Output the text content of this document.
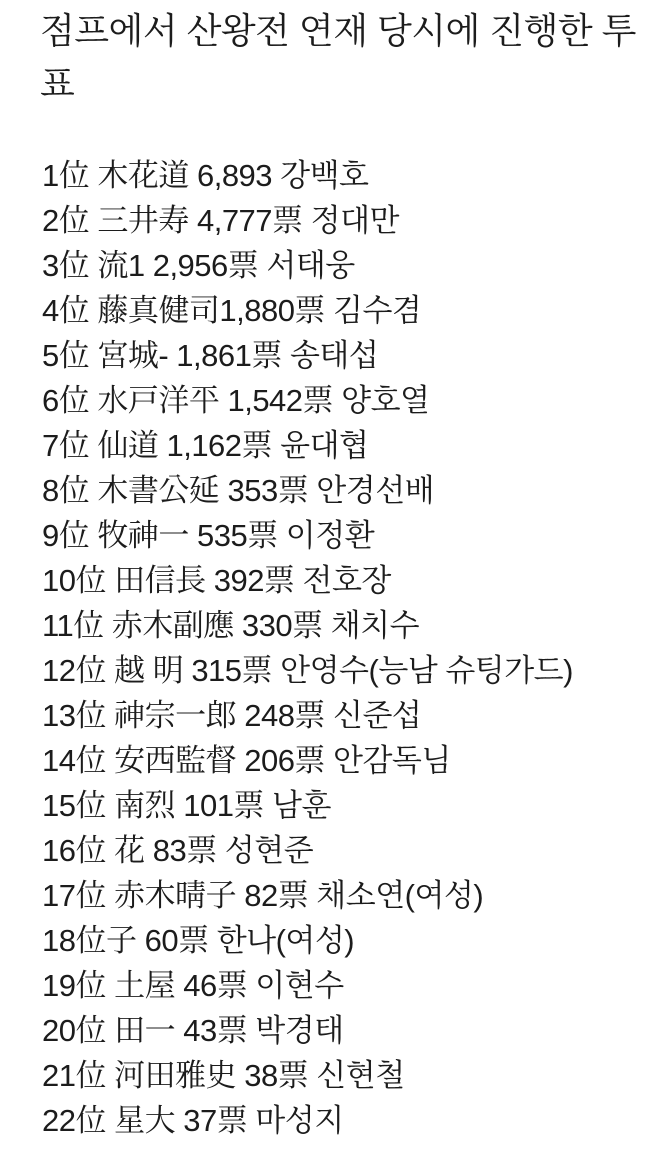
점프에서 산왕전 연재 당시에 진행한 투
표
1位 木花道 6,893 강백호
2位 三井寿 4,777票 정대만
3位 流1 2,956票 서태웅
4位 藤真健司1,880票 김수겸
5位 宮城- 1,861票 송태섭
6位 水戸洋平 1,542票 양호열
7位 仙道 1,162票 윤대협
8位 木書公延 353票 안경선배
9位 牧神一 535票 이정환
10位 田信長 392票 전호장
11位 赤木副應 330票 채치수
12位 越 明 315票 안영수(능남 슈팅가드)
13位 神宗一郎 248票 신준섭
14位 安西監督 206票 안감독님
15位 南烈 101票 남훈
16位 花 83票 성현준
17位 赤木晴子 82票 채소연(여성)
18位子 60票 한나(여성)
19位 土屋 46票 이현수
20位 田一 43票 박경태
21位 河田雅史 38票 신현철
22位 星大 37票 마성지
